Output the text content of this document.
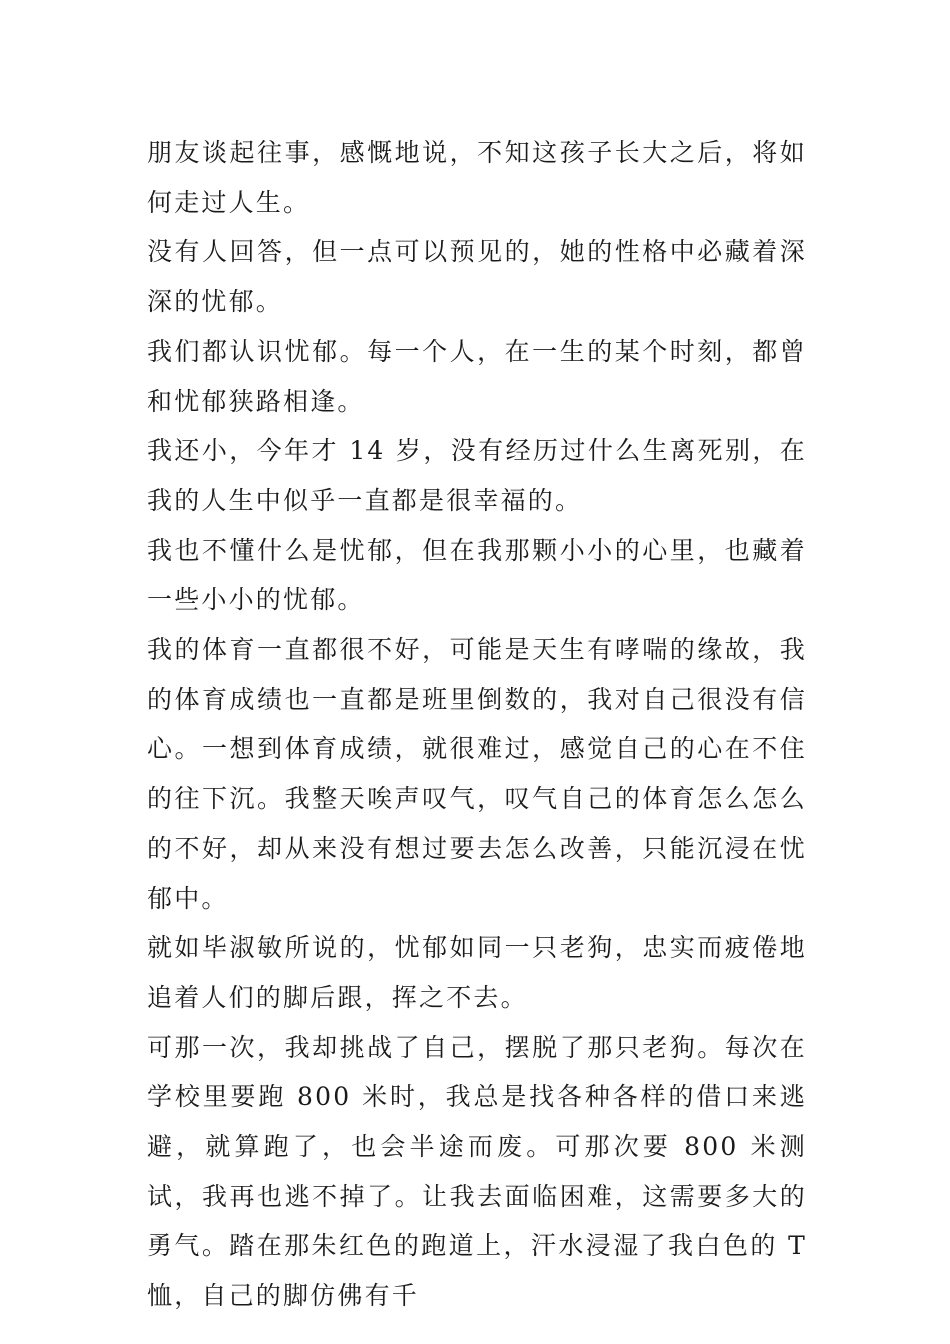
朋友谈起往事，感慨地说，不知这孩子长大之后，将如何走过人生。

没有人回答，但一点可以预见的，她的性格中必藏着深深的忧郁。

我们都认识忧郁。每一个人，在一生的某个时刻，都曾和忧郁狭路相逢。

我还小，今年才 14 岁，没有经历过什么生离死别，在我的人生中似乎一直都是很幸福的。

我也不懂什么是忧郁，但在我那颗小小的心里，也藏着一些小小的忧郁。

我的体育一直都很不好，可能是天生有哮喘的缘故，我的体育成绩也一直都是班里倒数的，我对自己很没有信心。一想到体育成绩，就很难过，感觉自己的心在不住的往下沉。我整天唉声叹气，叹气自己的体育怎么怎么的不好，却从来没有想过要去怎么改善，只能沉浸在忧郁中。

就如毕淑敏所说的，忧郁如同一只老狗，忠实而疲倦地追着人们的脚后跟，挥之不去。

可那一次，我却挑战了自己，摆脱了那只老狗。每次在学校里要跑 800 米时，我总是找各种各样的借口来逃避，就算跑了，也会半途而废。可那次要 800 米测试，我再也逃不掉了。让我去面临困难，这需要多大的勇气。踏在那朱红色的跑道上，汗水浸湿了我白色的 T 恤，自己的脚仿佛有千
